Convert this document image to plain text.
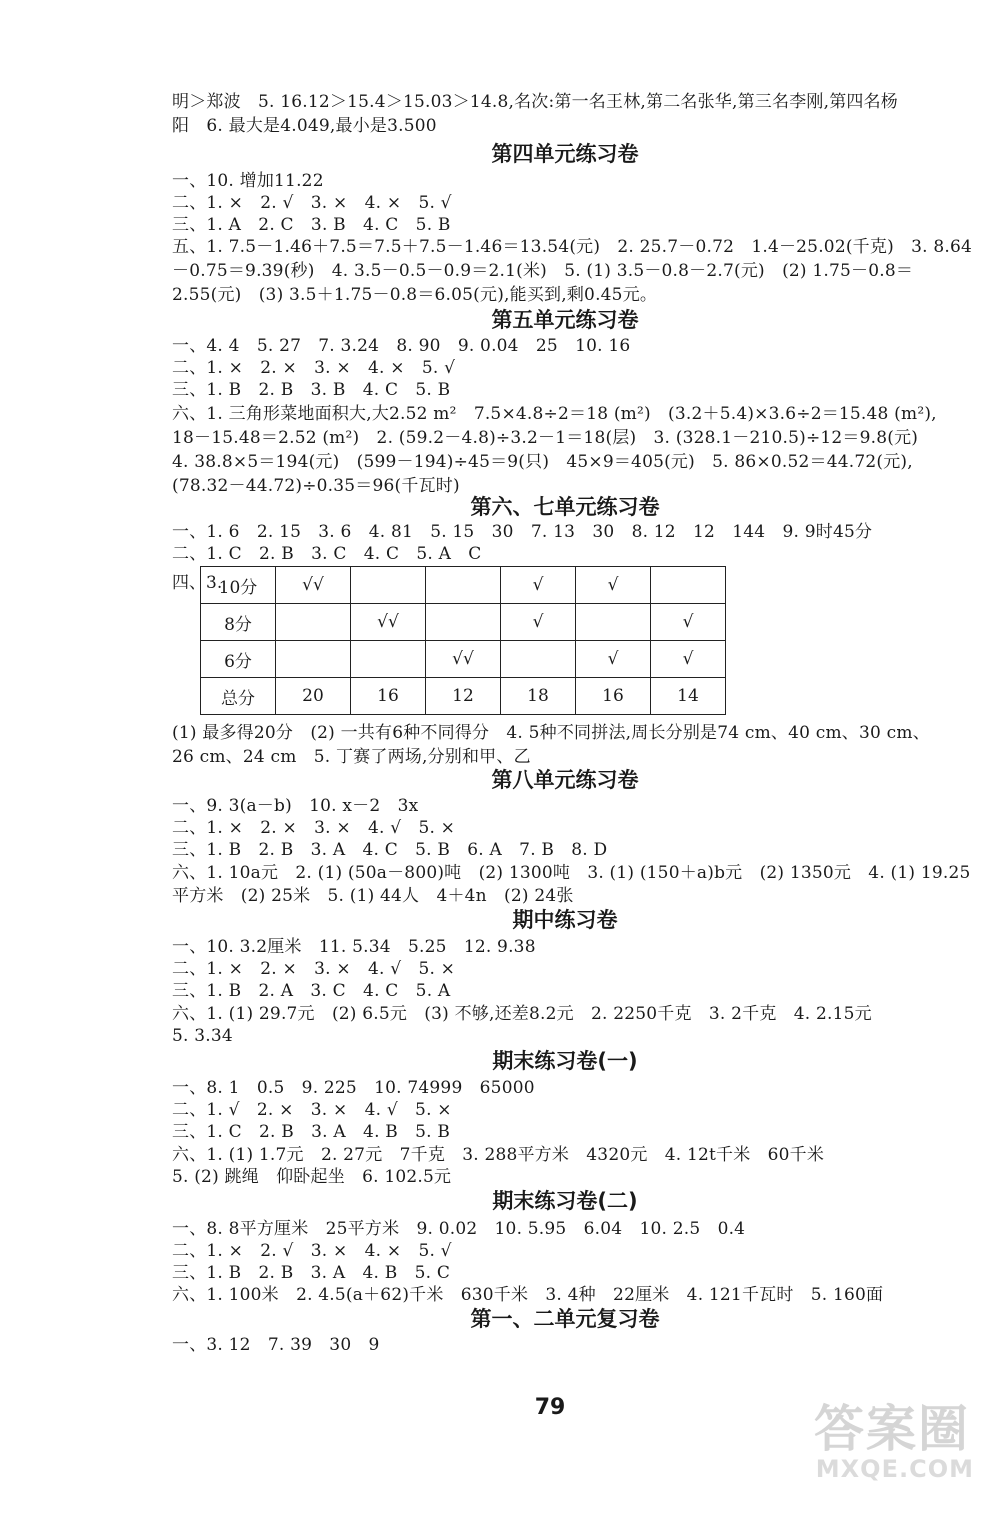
明＞郑波　5. 16.12＞15.4＞15.03＞14.8,名次:第一名王林,第二名张华,第三名李刚,第四名杨
阳　6. 最大是4.049,最小是3.500
第四单元练习卷
一、10. 增加11.22
二、1. ×　2. √　3. ×　4. ×　5. √
三、1. A　2. C　3. B　4. C　5. B
五、1. 7.5－1.46＋7.5＝7.5＋7.5－1.46＝13.54(元)　2. 25.7－0.72　1.4－25.02(千克)　3. 8.64
－0.75＝9.39(秒)　4. 3.5－0.5－0.9＝2.1(米)　5. (1) 3.5－0.8－2.7(元)　(2) 1.75－0.8＝
2.55(元)　(3) 3.5＋1.75－0.8＝6.05(元),能买到,剩0.45元。
第五单元练习卷
一、4. 4　5. 27　7. 3.24　8. 90　9. 0.04　25　10. 16
二、1. ×　2. ×　3. ×　4. ×　5. √
三、1. B　2. B　3. B　4. C　5. B
六、1. 三角形菜地面积大,大2.52 m²　7.5×4.8÷2＝18 (m²)　(3.2＋5.4)×3.6÷2＝15.48 (m²),
18－15.48＝2.52 (m²)　2. (59.2－4.8)÷3.2－1＝18(层)　3. (328.1－210.5)÷12＝9.8(元)
4. 38.8×5＝194(元)　(599－194)÷45＝9(只)　45×9＝405(元)　5. 86×0.52＝44.72(元),
(78.32－44.72)÷0.35＝96(千瓦时)
第六、七单元练习卷
一、1. 6　2. 15　3. 6　4. 81　5. 15　30　7. 13　30　8. 12　12　144　9. 9时45分
二、1. C　2. B　3. C　4. C　5. A　C
四、3.
10分	√√			√	√	
8分		√√		√		√
6分			√√		√	√
总分	20	16	12	18	16	14
(1) 最多得20分　(2) 一共有6种不同得分　4. 5种不同拼法,周长分别是74 cm、40 cm、30 cm、
26 cm、24 cm　5. 丁赛了两场,分别和甲、乙
第八单元练习卷
一、9. 3(a－b)　10. x－2　3x
二、1. ×　2. ×　3. ×　4. √　5. ×
三、1. B　2. B　3. A　4. C　5. B　6. A　7. B　8. D
六、1. 10a元　2. (1) (50a－800)吨　(2) 1300吨　3. (1) (150＋a)b元　(2) 1350元　4. (1) 19.25
平方米　(2) 25米　5. (1) 44人　4＋4n　(2) 24张
期中练习卷
一、10. 3.2厘米　11. 5.34　5.25　12. 9.38
二、1. ×　2. ×　3. ×　4. √　5. ×
三、1. B　2. A　3. C　4. C　5. A
六、1. (1) 29.7元　(2) 6.5元　(3) 不够,还差8.2元　2. 2250千克　3. 2千克　4. 2.15元
5. 3.34
期末练习卷(一)
一、8. 1　0.5　9. 225　10. 74999　65000
二、1. √　2. ×　3. ×　4. √　5. ×
三、1. C　2. B　3. A　4. B　5. B
六、1. (1) 1.7元　2. 27元　7千克　3. 288平方米　4320元　4. 12t千米　60千米
5. (2) 跳绳　仰卧起坐　6. 102.5元
期末练习卷(二)
一、8. 8平方厘米　25平方米　9. 0.02　10. 5.95　6.04　10. 2.5　0.4
二、1. ×　2. √　3. ×　4. ×　5. √
三、1. B　2. B　3. A　4. B　5. C
六、1. 100米　2. 4.5(a＋62)千米　630千米　3. 4种　22厘米　4. 121千瓦时　5. 160面
第一、二单元复习卷
一、3. 12　7. 39　30　9
79	答案圈
MXQE.COM
